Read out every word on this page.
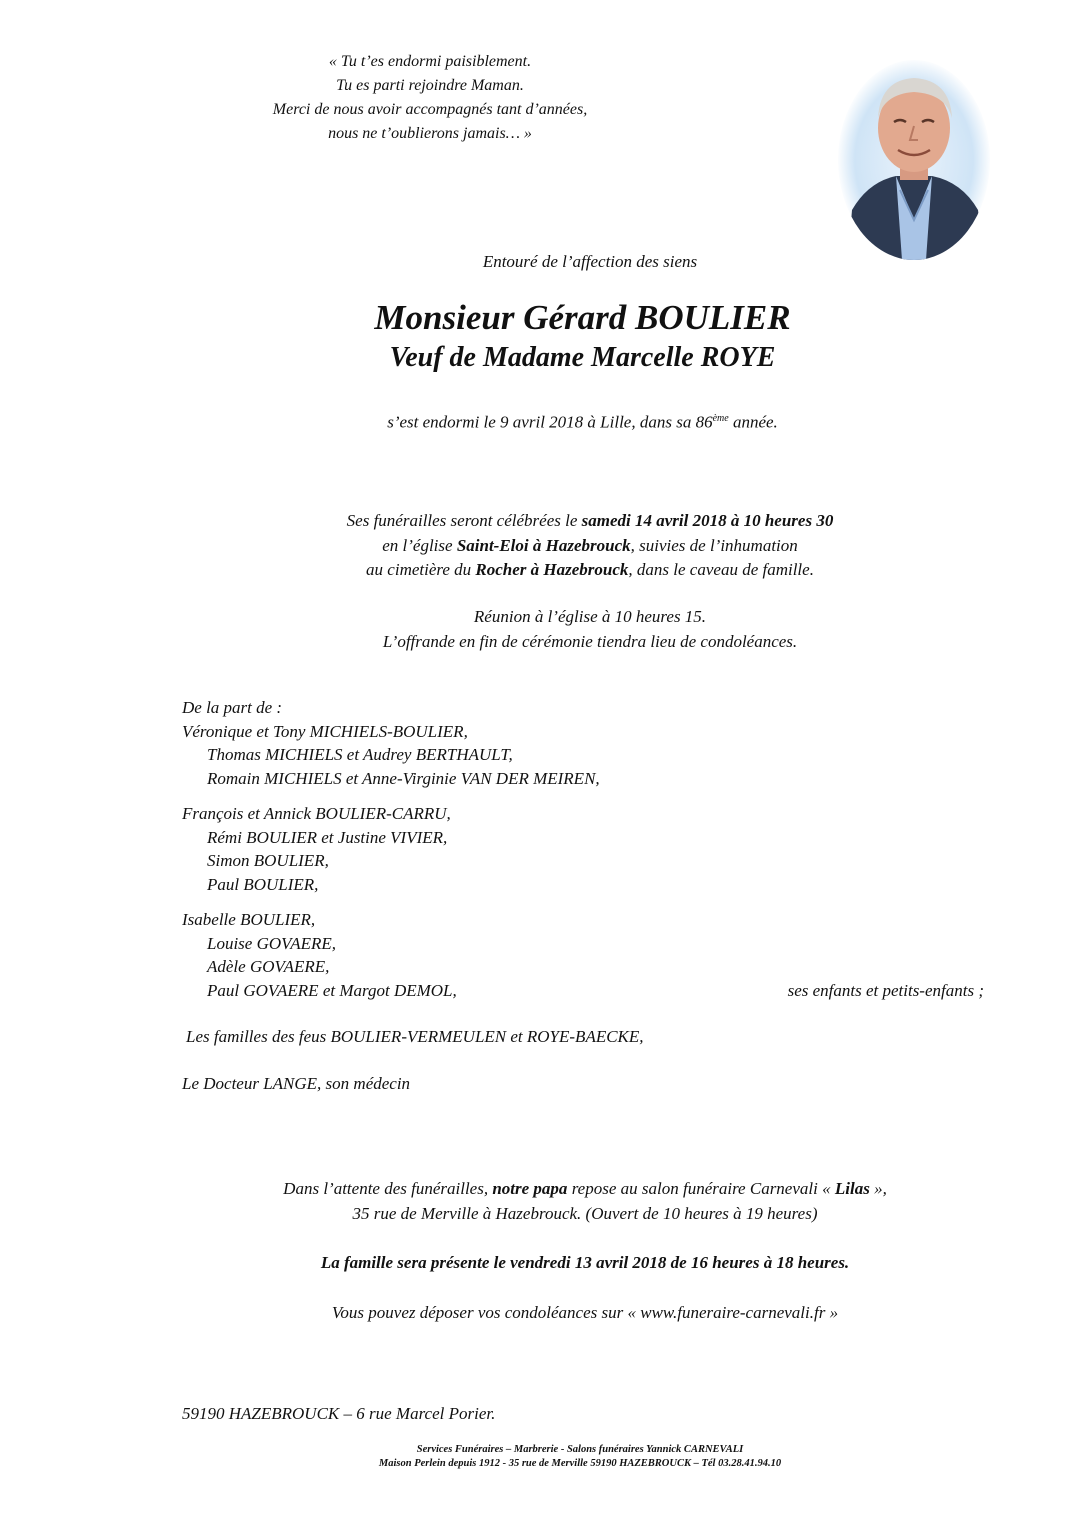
« Tu t’es endormi paisiblement.
Tu es parti rejoindre Maman.
Merci de nous avoir accompagnés tant d’années,
nous ne t’oublierons jamais… »
Entouré de l’affection des siens
Monsieur Gérard BOULIER
Veuf de Madame Marcelle ROYE
s’est endormi le 9 avril 2018 à Lille, dans sa 86ème année.
Ses funérailles seront célébrées le samedi 14 avril 2018 à 10 heures 30
en l’église Saint-Eloi à Hazebrouck, suivies de l’inhumation
au cimetière du Rocher à Hazebrouck, dans le caveau de famille.
Réunion à l’église à 10 heures 15.
L’offrande en fin de cérémonie tiendra lieu de condoléances.

De la part de :

Véronique et Tony MICHIELS-BOULIER,

Thomas MICHIELS et Audrey BERTHAULT,

Romain MICHIELS et Anne-Virginie VAN DER MEIREN,

François et Annick BOULIER-CARRU,

Rémi BOULIER et Justine VIVIER,

Simon BOULIER,

Paul BOULIER,

Isabelle BOULIER,

Louise GOVAERE,

Adèle GOVAERE,

Paul GOVAERE et Margot DEMOL,	ses enfants et petits-enfants ;

Les familles des feus BOULIER-VERMEULEN et ROYE-BAECKE,

Le Docteur LANGE, son médecin

Dans l’attente des funérailles, notre papa repose au salon funéraire Carnevali « Lilas »,
35 rue de Merville à Hazebrouck. (Ouvert de 10 heures à 19 heures)
La famille sera présente le vendredi 13 avril 2018 de 16 heures à 18 heures.
Vous pouvez déposer vos condoléances sur « www.funeraire-carnevali.fr »
59190 HAZEBROUCK – 6 rue Marcel Porier.
Services Funéraires – Marbrerie - Salons funéraires Yannick CARNEVALI
Maison Perlein depuis 1912 - 35 rue de Merville 59190 HAZEBROUCK – Tél 03.28.41.94.10
